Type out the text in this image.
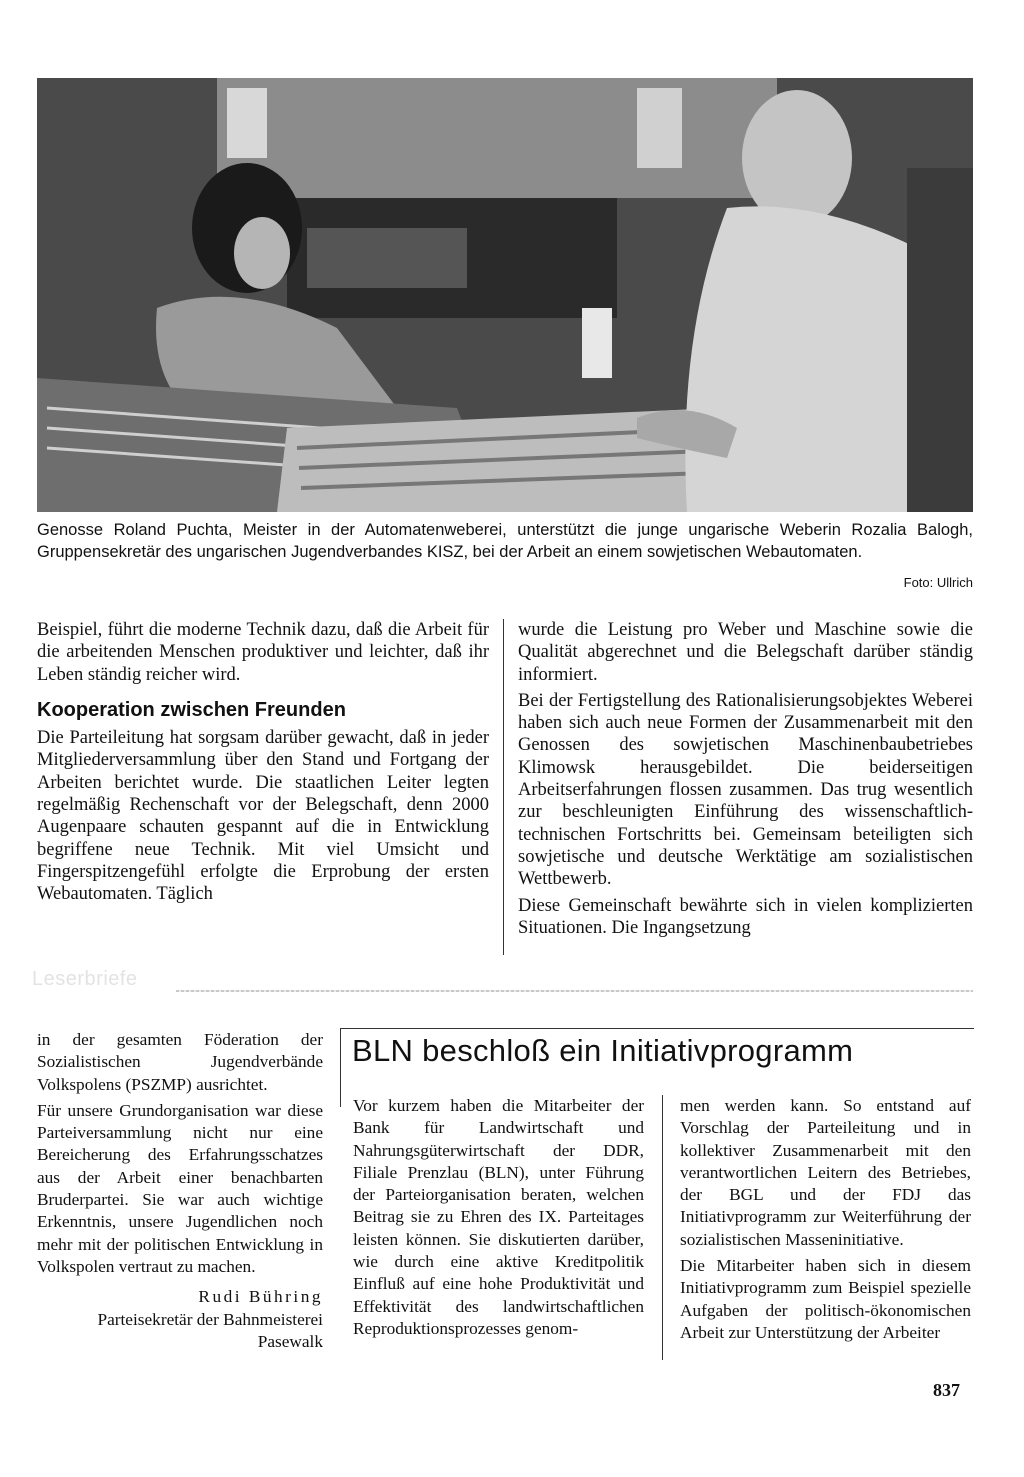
Genosse Roland Puchta, Meister in der Automatenweberei, unterstützt die junge ungarische Weberin Rozalia Balogh, Gruppensekretär des ungarischen Jugendverbandes KISZ, bei der Arbeit an einem sowjetischen Webautomaten.
Foto: Ullrich

Beispiel, führt die moderne Technik dazu, daß die Arbeit für die arbeitenden Menschen produktiver und leichter, daß ihr Leben ständig reicher wird.

Kooperation zwischen Freunden

Die Parteileitung hat sorgsam darüber gewacht, daß in jeder Mitgliederversammlung über den Stand und Fortgang der Arbeiten berichtet wurde. Die staatlichen Leiter legten regelmäßig Rechenschaft vor der Belegschaft, denn 2000 Augenpaare schauten gespannt auf die in Entwicklung begriffene neue Technik. Mit viel Umsicht und Fingerspitzengefühl erfolgte die Erprobung der ersten Webautomaten. Täglich

wurde die Leistung pro Weber und Maschine sowie die Qualität abgerechnet und die Belegschaft darüber ständig informiert.

Bei der Fertigstellung des Rationalisierungsobjektes Weberei haben sich auch neue Formen der Zusammenarbeit mit den Genossen des sowjetischen Maschinenbaubetriebes Klimowsk herausgebildet. Die beiderseitigen Arbeitserfahrungen flossen zusammen. Das trug wesentlich zur beschleunigten Einführung des wissenschaftlich-technischen Fortschritts bei. Gemeinsam beteiligten sich sowjetische und deutsche Werktätige am sozialistischen Wettbewerb.

Diese Gemeinschaft bewährte sich in vielen komplizierten Situationen. Die Ingangsetzung

Leserbriefe

in der gesamten Föderation der Sozialistischen Jugendverbände Volkspolens (PSZMP) ausrichtet.

Für unsere Grundorganisation war diese Parteiversammlung nicht nur eine Bereicherung des Erfahrungsschatzes aus der Arbeit einer benachbarten Bruderpartei. Sie war auch wichtige Erkenntnis, unsere Jugendlichen noch mehr mit der politischen Entwicklung in Volkspolen vertraut zu machen.

Rudi Bühring
Parteisekretär der Bahnmeisterei
Pasewalk
BLN beschloß ein Initiativprogramm

Vor kurzem haben die Mitarbeiter der Bank für Landwirtschaft und Nahrungsgüterwirtschaft der DDR, Filiale Prenzlau (BLN), unter Führung der Parteiorganisation beraten, welchen Beitrag sie zu Ehren des IX. Parteitages leisten können. Sie diskutierten darüber, wie durch eine aktive Kreditpolitik Einfluß auf eine hohe Produktivität und Effektivität des landwirtschaftlichen Reproduktionsprozesses genom-

men werden kann. So entstand auf Vorschlag der Parteileitung und in kollektiver Zusammenarbeit mit den verantwortlichen Leitern des Betriebes, der BGL und der FDJ das Initiativprogramm zur Weiterführung der sozialistischen Masseninitiative.

Die Mitarbeiter haben sich in diesem Initiativprogramm zum Beispiel spezielle Aufgaben der politisch-ökonomischen Arbeit zur Unterstützung der Arbeiter

837
